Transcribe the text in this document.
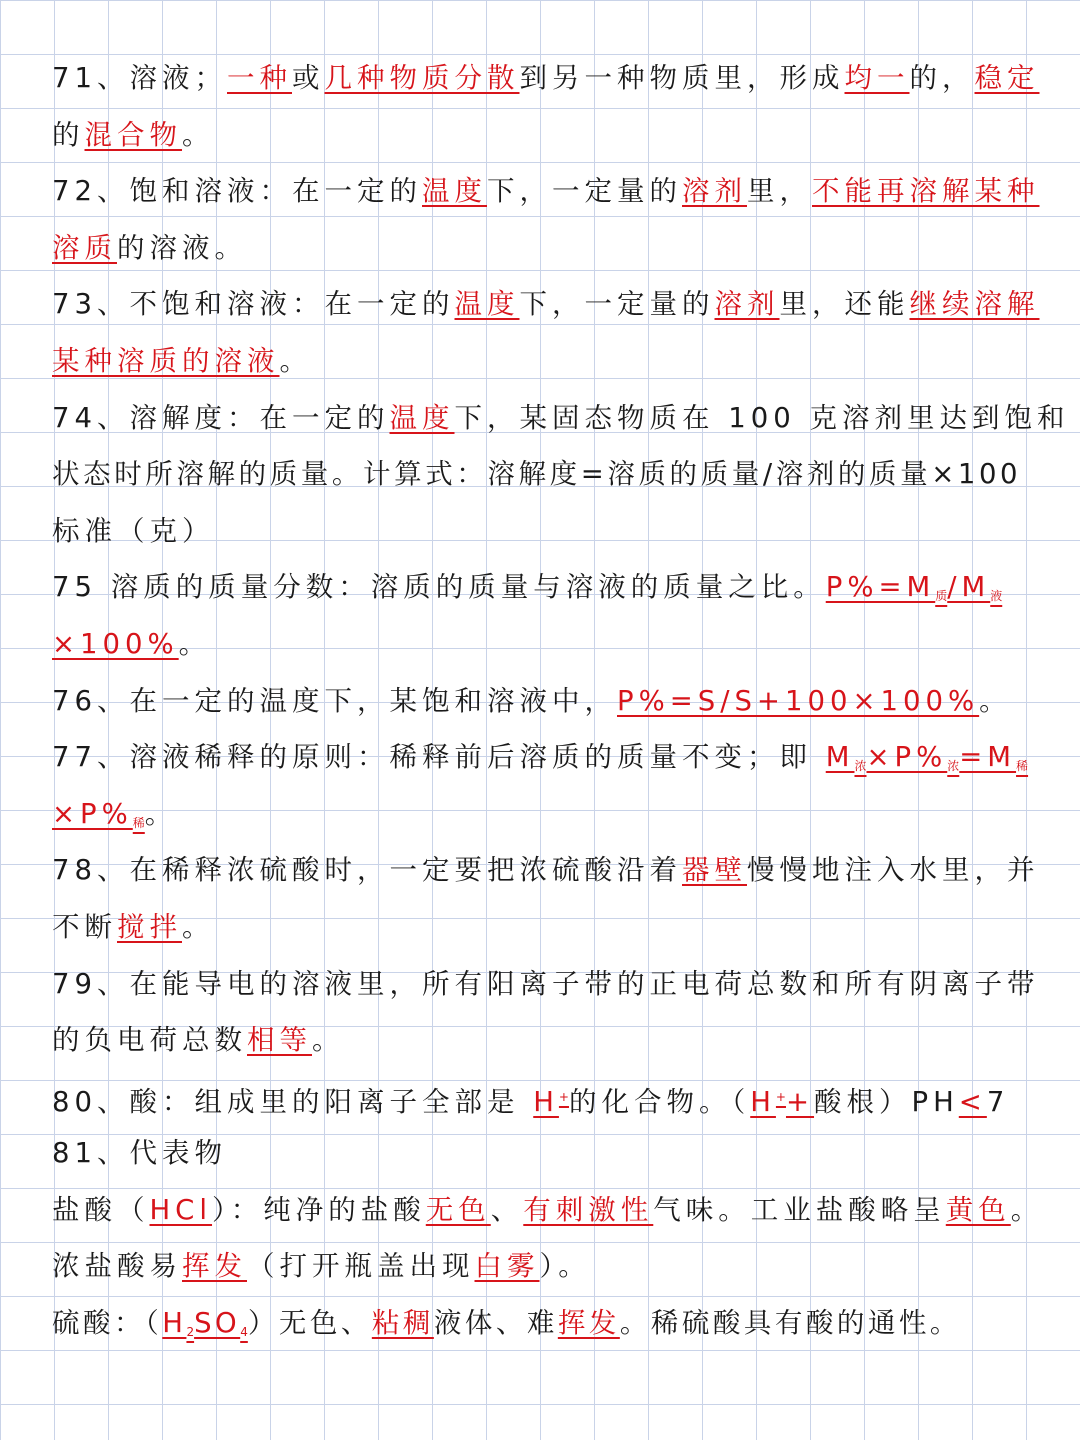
71、溶液；一种或几种物质分散到另一种物质里，形成均一的，稳定
的混合物。
72、饱和溶液：在一定的温度下，一定量的溶剂里，不能再溶解某种
溶质的溶液。
73、不饱和溶液：在一定的温度下，一定量的溶剂里，还能继续溶解
某种溶质的溶液。
74、溶解度：在一定的温度下，某固态物质在 100 克溶剂里达到饱和
状态时所溶解的质量。计算式：溶解度=溶质的质量/溶剂的质量×100
标准（克）
75 溶质的质量分数：溶质的质量与溶液的质量之比。$P\%=M_质/M_液$
×100%。
76、在一定的温度下，某饱和溶液中，P%=S/S+100×100%。
77、溶液稀释的原则：稀释前后溶质的质量不变；即 $M_浓\times P\%_浓=M_稀$
$\times P\%_稀$。
78、在稀释浓硫酸时，一定要把浓硫酸沿着器壁慢慢地注入水里，并
不断搅拌。
79、在能导电的溶液里，所有阳离子带的正电荷总数和所有阴离子带
的负电荷总数相等。
80、酸：组成里的阳离子全部是 H+的化合物。（H++酸根）PH<7
81、代表物
盐酸（HCl）：纯净的盐酸无色、有刺激性气味。工业盐酸略呈黄色。
浓盐酸易挥发（打开瓶盖出现白雾）。
硫酸：$(H_2SO_4)$无色、粘稠液体、难挥发。稀硫酸具有酸的通性。
